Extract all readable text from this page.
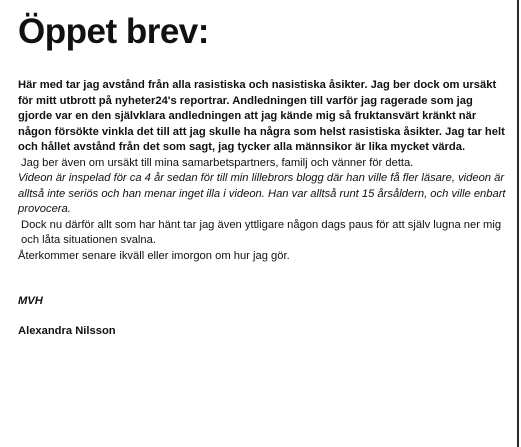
Öppet brev:

Här med tar jag avstånd från alla rasistiska och nasistiska åsikter. Jag ber dock om ursäkt för mitt utbrott på nyheter24's reportrar. Andledningen till varför jag ragerade som jag gjorde var en den självklara andledningen att jag kände mig så fruktansvärt kränkt när någon försökte vinkla det till att jag skulle ha några som helst rasistiska åsikter. Jag tar helt och hållet avstånd från det som sagt, jag tycker alla männsikor är lika mycket värda.

Jag ber även om ursäkt till mina samarbetspartners, familj och vänner för detta.

Videon är inspelad för ca 4 år sedan för till min lillebrors blogg där han ville få fler läsare, videon är alltså inte seriös och han menar inget illa i videon. Han var alltså runt 15 årsåldern, och ville enbart provocera.

Dock nu därför allt som har hänt tar jag även yttligare någon dags paus för att själv lugna ner mig och låta situationen svalna.

Återkommer senare ikväll eller imorgon om hur jag gör.

MVH
Alexandra Nilsson
